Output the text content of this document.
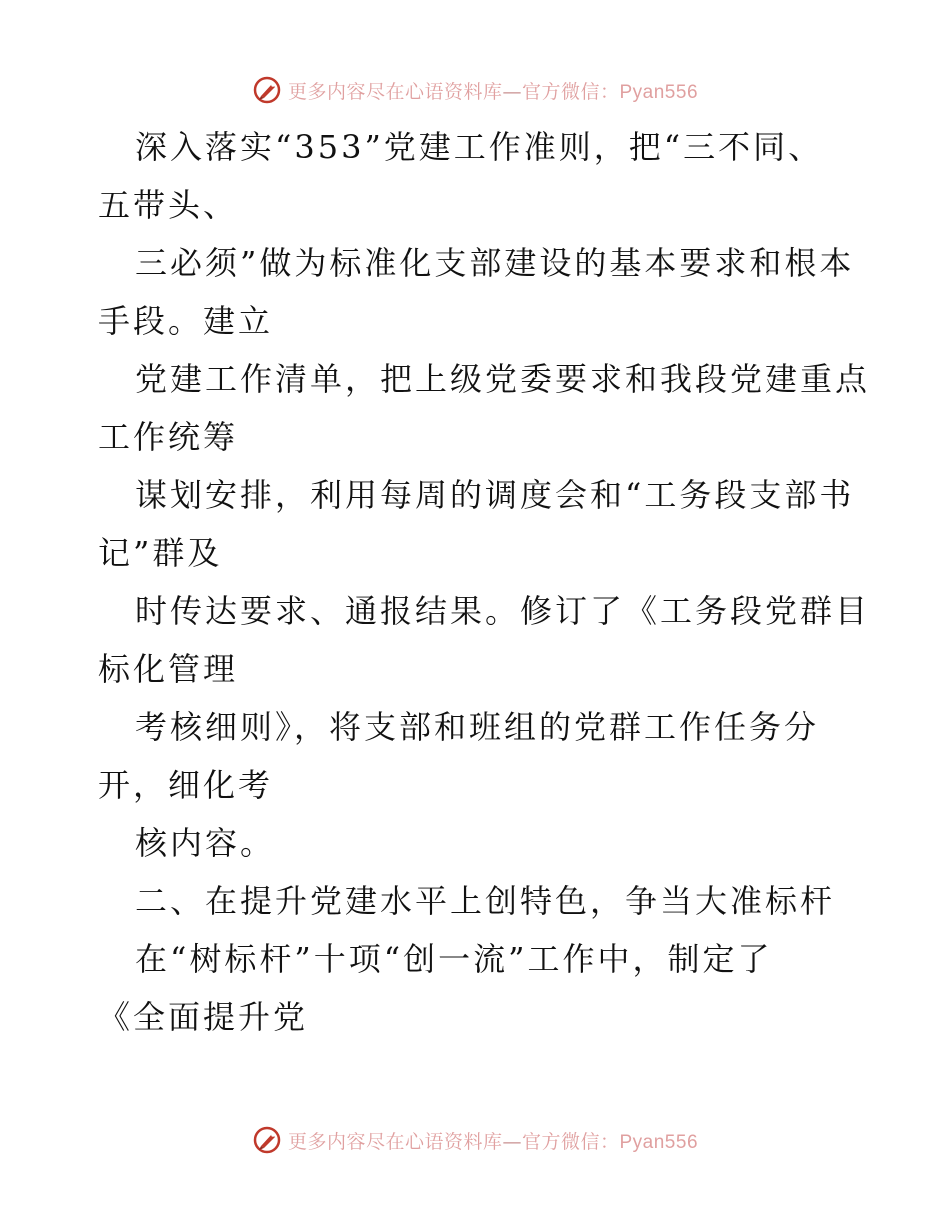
更多内容尽在心语资料库—官方微信：Pyan556
深入落实“353”党建工作准则，把“三不同、
五带头、
三必须”做为标准化支部建设的基本要求和根本
手段。建立
党建工作清单，把上级党委要求和我段党建重点
工作统筹
谋划安排，利用每周的调度会和“工务段支部书
记”群及
时传达要求、通报结果。修订了《工务段党群目
标化管理
考核细则》，将支部和班组的党群工作任务分
开，细化考
核内容。
二、在提升党建水平上创特色，争当大准标杆
在“树标杆”十项“创一流”工作中，制定了
《全面提升党
更多内容尽在心语资料库—官方微信：Pyan556
